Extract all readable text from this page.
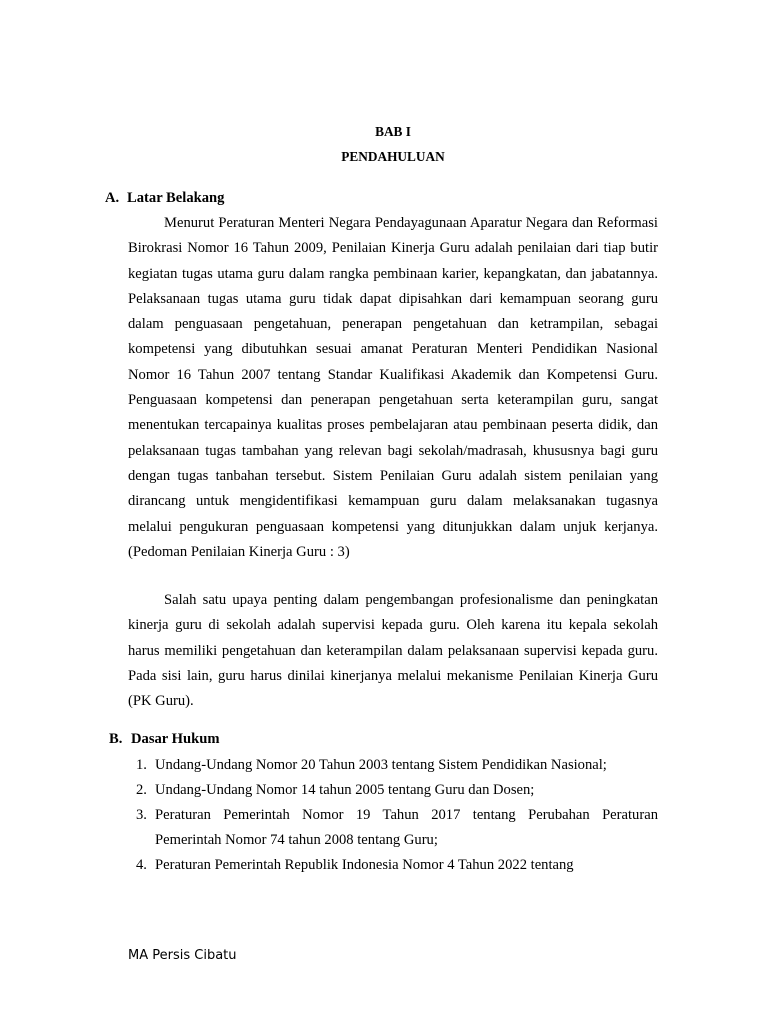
BAB I
PENDAHULUAN
A. Latar Belakang

Menurut Peraturan Menteri Negara Pendayagunaan Aparatur Negara dan Reformasi Birokrasi Nomor 16 Tahun 2009, Penilaian Kinerja Guru adalah penilaian dari tiap butir kegiatan tugas utama guru dalam rangka pembinaan karier, kepangkatan, dan jabatannya. Pelaksanaan tugas utama guru tidak dapat dipisahkan dari kemampuan seorang guru dalam penguasaan pengetahuan, penerapan pengetahuan dan ketrampilan, sebagai kompetensi yang dibutuhkan sesuai amanat Peraturan Menteri Pendidikan Nasional Nomor 16 Tahun 2007 tentang Standar Kualifikasi Akademik dan Kompetensi Guru. Penguasaan kompetensi dan penerapan pengetahuan serta keterampilan guru, sangat menentukan tercapainya kualitas proses pembelajaran atau pembinaan peserta didik, dan pelaksanaan tugas tambahan yang relevan bagi sekolah/madrasah, khususnya bagi guru dengan tugas tanbahan tersebut. Sistem Penilaian Guru adalah sistem penilaian yang dirancang untuk mengidentifikasi kemampuan guru dalam melaksanakan tugasnya melalui pengukuran penguasaan kompetensi yang ditunjukkan dalam unjuk kerjanya. (Pedoman Penilaian Kinerja Guru : 3)

Salah satu upaya penting dalam pengembangan profesionalisme dan peningkatan kinerja guru di sekolah adalah supervisi kepada guru. Oleh karena itu kepala sekolah harus memiliki pengetahuan dan keterampilan dalam pelaksanaan supervisi kepada guru. Pada sisi lain, guru harus dinilai kinerjanya melalui mekanisme Penilaian Kinerja Guru (PK Guru).

B. Dasar Hukum
1. Undang-Undang Nomor 20 Tahun 2003 tentang Sistem Pendidikan Nasional;
2. Undang-Undang Nomor 14 tahun 2005 tentang Guru dan Dosen;
3. Peraturan Pemerintah Nomor 19 Tahun 2017 tentang Perubahan Peraturan Pemerintah Nomor 74 tahun 2008 tentang Guru;
4. Peraturan Pemerintah Republik Indonesia Nomor 4 Tahun 2022 tentang
MA Persis Cibatu
